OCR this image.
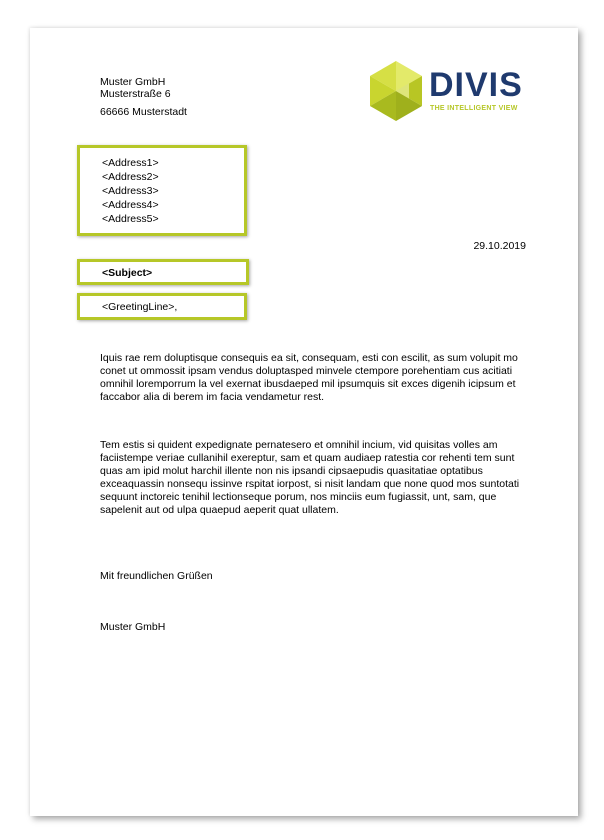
Muster GmbH
Musterstraße 6
66666 Musterstadt
DIVIS
THE INTELLIGENT VIEW
<Address1>
<Address2>
<Address3>
<Address4>
<Address5>
29.10.2019
<Subject>
<GreetingLine>,
Iquis rae rem doluptisque consequis ea sit, consequam, esti con escilit, as sum volupit mo conet ut ommossit ipsam vendus doluptasped minvele ctempore porehentiam cus acitiati omnihil loremporrum la vel exernat ibusdaeped mil ipsumquis sit exces digenih icipsum et faccabor alia di berem im facia vendametur rest.
Tem estis si quident expedignate pernatesero et omnihil incium, vid quisitas volles am faciistempe veriae cullanihil exereptur, sam et quam audiaep ratestia cor rehenti tem sunt quas am ipid molut harchil illente non nis ipsandi cipsaepudis quasitatiae optatibus exceaquassin nonsequ issinve rspitat iorpost, si nisit landam que none quod mos suntotati sequunt inctoreic tenihil lectionseque porum, nos minciis eum fugiassit, unt, sam, que sapelenit aut od ulpa quaepud aeperit quat ullatem.
Mit freundlichen Grüßen
Muster GmbH
